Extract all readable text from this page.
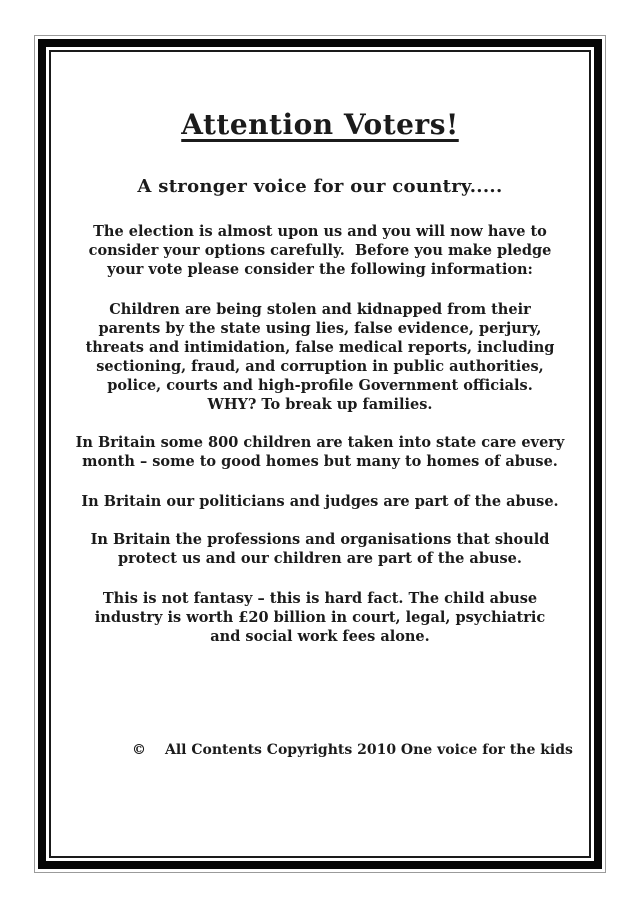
Attention Voters!
A stronger voice for our country.....
The election is almost upon us and you will now have to
consider your options carefully.  Before you make pledge
your vote please consider the following information:
Children are being stolen and kidnapped from their
parents by the state using lies, false evidence, perjury,
threats and intimidation, false medical reports, including
sectioning, fraud, and corruption in public authorities,
police, courts and high-profile Government officials.
WHY? To break up families.
In Britain some 800 children are taken into state care every
month – some to good homes but many to homes of abuse.
In Britain our politicians and judges are part of the abuse.
In Britain the professions and organisations that should
protect us and our children are part of the abuse.
This is not fantasy – this is hard fact. The child abuse
industry is worth £20 billion in court, legal, psychiatric
and social work fees alone.
© All Contents Copyrights 2010 One voice for the kids
